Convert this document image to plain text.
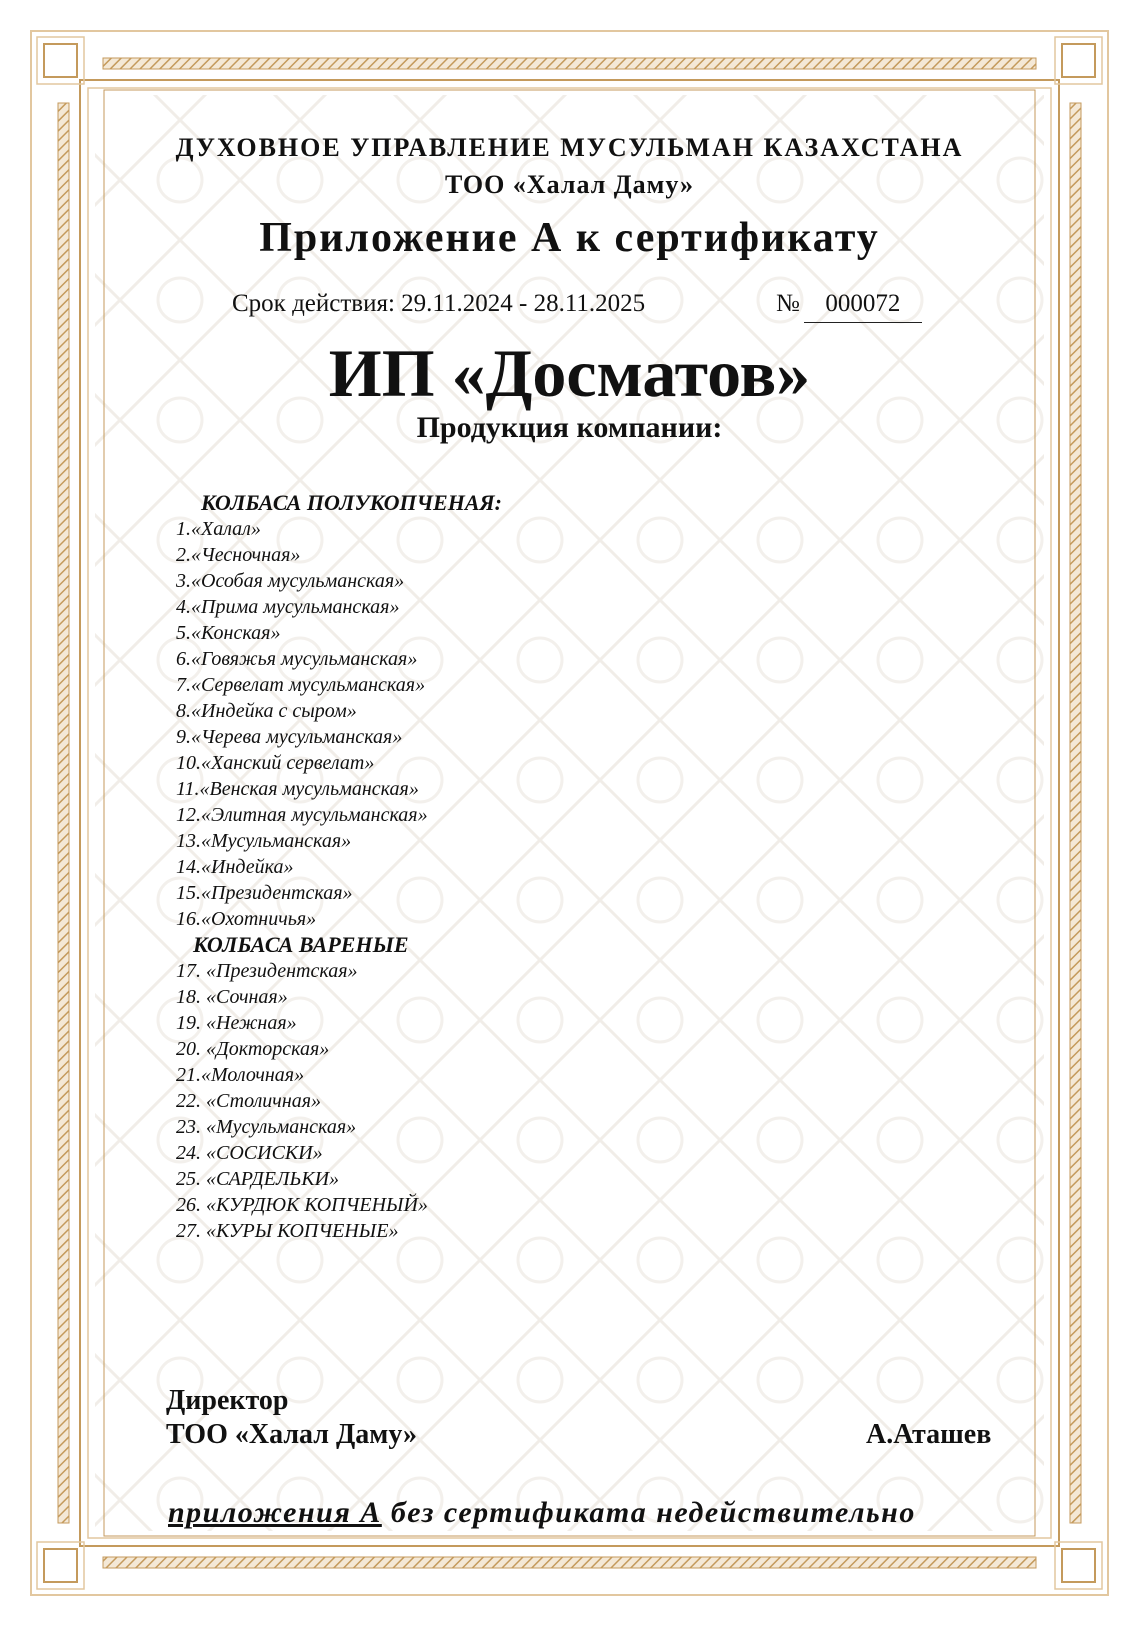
ДУХОВНОЕ УПРАВЛЕНИЕ МУСУЛЬМАН КАЗАХСТАНА
ТОО «Халал Даму»
Приложение А к сертификату
Срок действия: 29.11.2024 - 28.11.2025	№ 000072
ИП «Досматов»
Продукция компании:
КОЛБАСА ПОЛУКОПЧЕНАЯ:
1.«Халал»
2.«Чесночная»
3.«Особая мусульманская»
4.«Прима мусульманская»
5.«Конская»
6.«Говяжья мусульманская»
7.«Сервелат мусульманская»
8.«Индейка с сыром»
9.«Черева мусульманская»
10.«Ханский сервелат»
11.«Венская мусульманская»
12.«Элитная мусульманская»
13.«Мусульманская»
14.«Индейка»
15.«Президентская»
16.«Охотничья»
КОЛБАСА ВАРЕНЫЕ
17. «Президентская»
18. «Сочная»
19. «Нежная»
20. «Докторская»
21.«Молочная»
22. «Столичная»
23. «Мусульманская»
24. «СОСИСКИ»
25. «САРДЕЛЬКИ»
26. «КУРДЮК КОПЧЕНЫЙ»
27. «КУРЫ КОПЧЕНЫЕ»
Директор
ТОО «Халал Даму»	А.Аташев
приложения А без сертификата недействительно
